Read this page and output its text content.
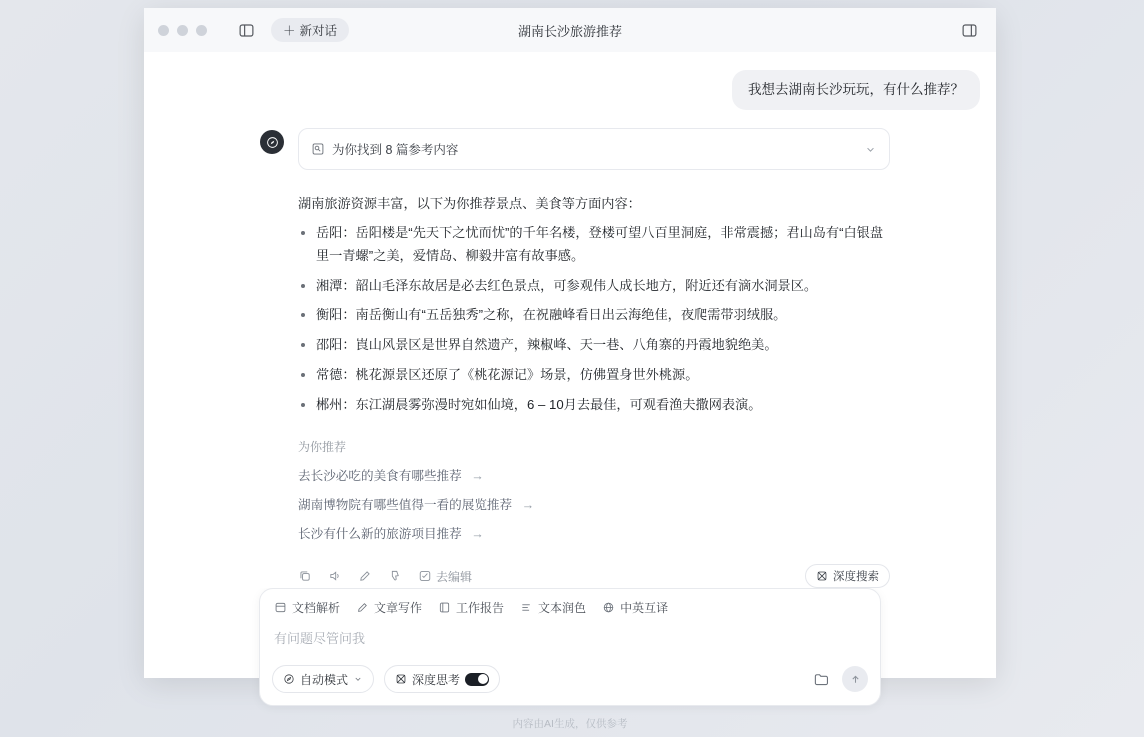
＋ 新对话	湖南长沙旅游推荐
我想去湖南长沙玩玩，有什么推荐？
为你找到 8 篇参考内容

湖南旅游资源丰富，以下为你推荐景点、美食等方面内容：

• 岳阳：岳阳楼是“先天下之忧而忧”的千年名楼，登楼可望八百里洞庭，非常震撼；君山岛有“白银盘里一青螺”之美，爱情岛、柳毅井富有故事感。
• 湘潭：韶山毛泽东故居是必去红色景点，可参观伟人成长地方，附近还有滴水洞景区。
• 衡阳：南岳衡山有“五岳独秀”之称，在祝融峰看日出云海绝佳，夜爬需带羽绒服。
• 邵阳：崀山风景区是世界自然遗产，辣椒峰、天一巷、八角寨的丹霞地貌绝美。
• 常德：桃花源景区还原了《桃花源记》场景，仿佛置身世外桃源。
• 郴州：东江湖晨雾弥漫时宛如仙境，6 – 10月去最佳，可观看渔夫撒网表演。
为你推荐
去长沙必吃的美食有哪些推荐 →
湖南博物院有哪些值得一看的展览推荐 →
长沙有什么新的旅游项目推荐 →
去编辑	深度搜索
文档解析	文章写作	工作报告	文本润色	中英互译
有问题尽管问我
自动模式	深度思考
内容由AI生成，仅供参考
